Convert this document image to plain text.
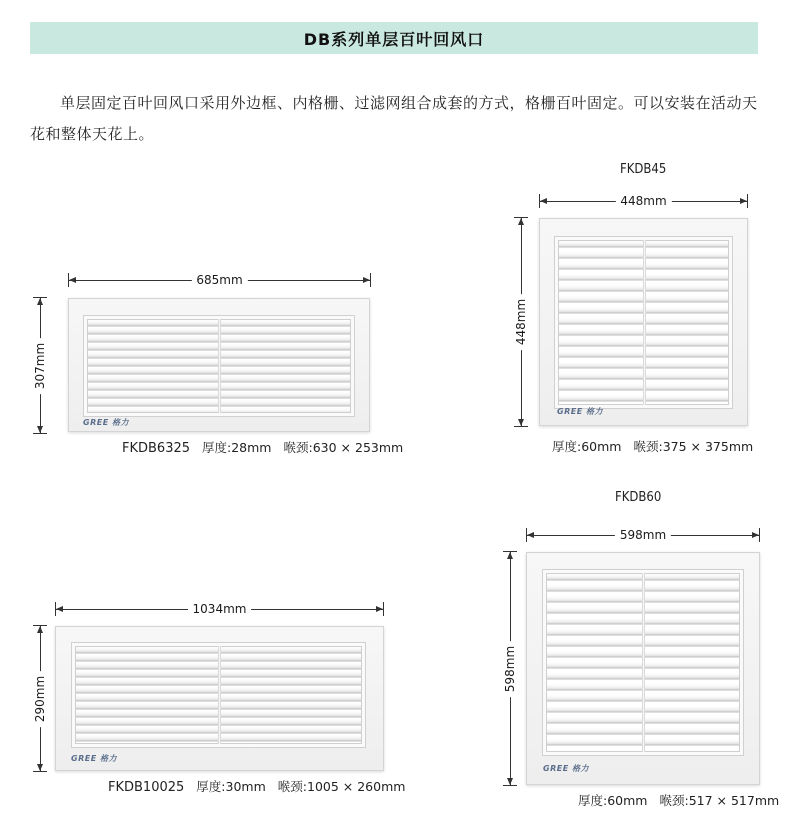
DB系列单层百叶回风口

单层固定百叶回风口采用外边框、内格栅、过滤网组合成套的方式，格栅百叶固定。可以安装在活动天花和整体天花上。

685mm
307mm
GREE 格力
FKDB6325 厚度:28mm 喉颈:630 × 253mm
FKDB45
448mm
448mm
GREE 格力
厚度:60mm 喉颈:375 × 375mm
1034mm
290mm
GREE 格力
FKDB10025 厚度:30mm 喉颈:1005 × 260mm
FKDB60
598mm
598mm
GREE 格力
厚度:60mm 喉颈:517 × 517mm
